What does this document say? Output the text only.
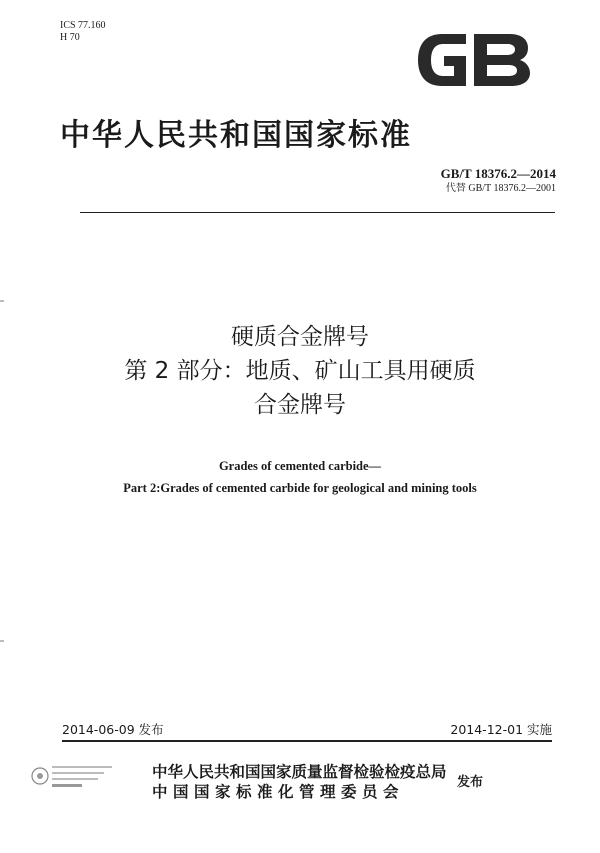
ICS 77.160
H 70
GB
中华人民共和国国家标准
GB/T 18376.2—2014
代替 GB/T 18376.2—2001
硬质合金牌号
第 2 部分：地质、矿山工具用硬质
合金牌号
Grades of cemented carbide—
Part 2:Grades of cemented carbide for geological and mining tools
2014-06-09 发布	2014-12-01 实施
中华人民共和国国家质量监督检验检疫总局
中国国家标准化管理委员会	发布
